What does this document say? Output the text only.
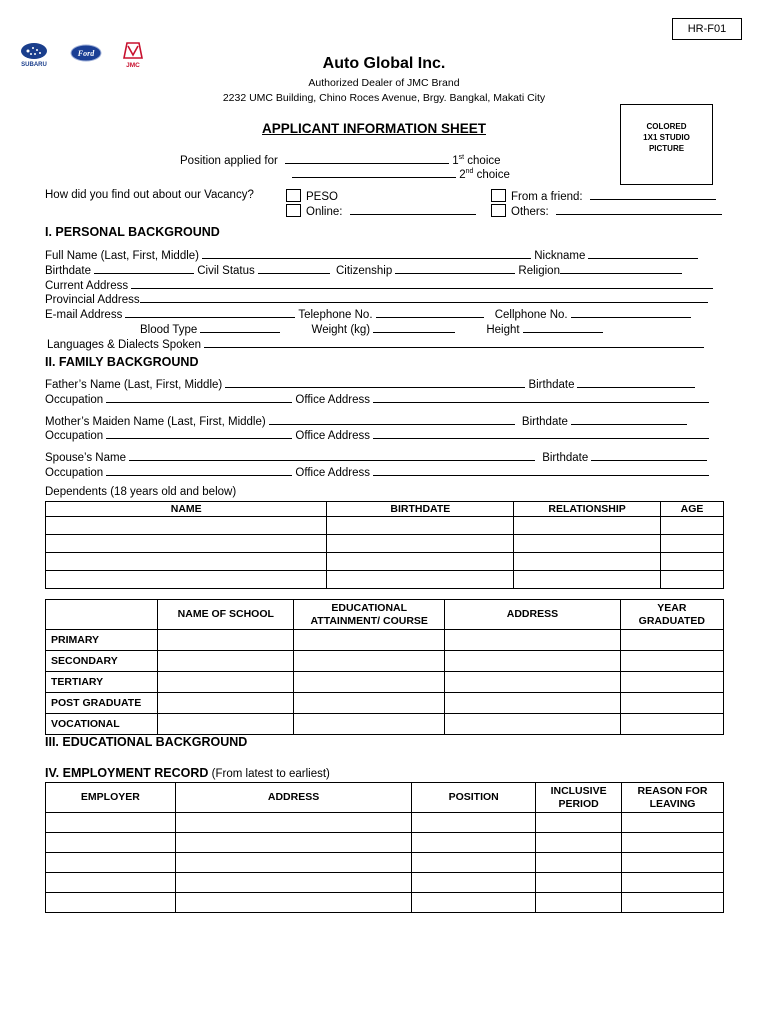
HR-F01
SUBARU
Ford
JMC	Auto Global Inc.
Authorized Dealer of JMC Brand
2232 UMC Building, Chino Roces Avenue, Brgy. Bangkal, Makati City
COLORED
1X1 STUDIO
PICTURE
APPLICANT INFORMATION SHEET
Position applied for	1st choice
2nd choice
How did you find out about our Vacancy?	PESO
Online:
From a friend:
Others:
I. PERSONAL BACKGROUND
Full Name (Last, First, Middle)	Nickname
Birthdate	Civil Status	Citizenship	Religion
Current Address
Provincial Address
E-mail Address	Telephone No.	Cellphone No.
Blood Type	Weight (kg)	Height
Languages & Dialects Spoken
II. FAMILY BACKGROUND
Father’s Name (Last, First, Middle)	Birthdate
Occupation	Office Address
Mother’s Maiden Name (Last, First, Middle)	Birthdate
Occupation	Office Address
Spouse’s Name	Birthdate
Occupation	Office Address
Dependents (18 years old and below)
NAME	BIRTHDATE	RELATIONSHIP	AGE

	NAME OF SCHOOL	EDUCATIONAL ATTAINMENT/ COURSE	ADDRESS	YEAR GRADUATED
PRIMARY				
SECONDARY				
TERTIARY				
POST GRADUATE				
VOCATIONAL				
III. EDUCATIONAL BACKGROUND
IV. EMPLOYMENT RECORD (From latest to earliest)
EMPLOYER	ADDRESS	POSITION	INCLUSIVE PERIOD	REASON FOR LEAVING
